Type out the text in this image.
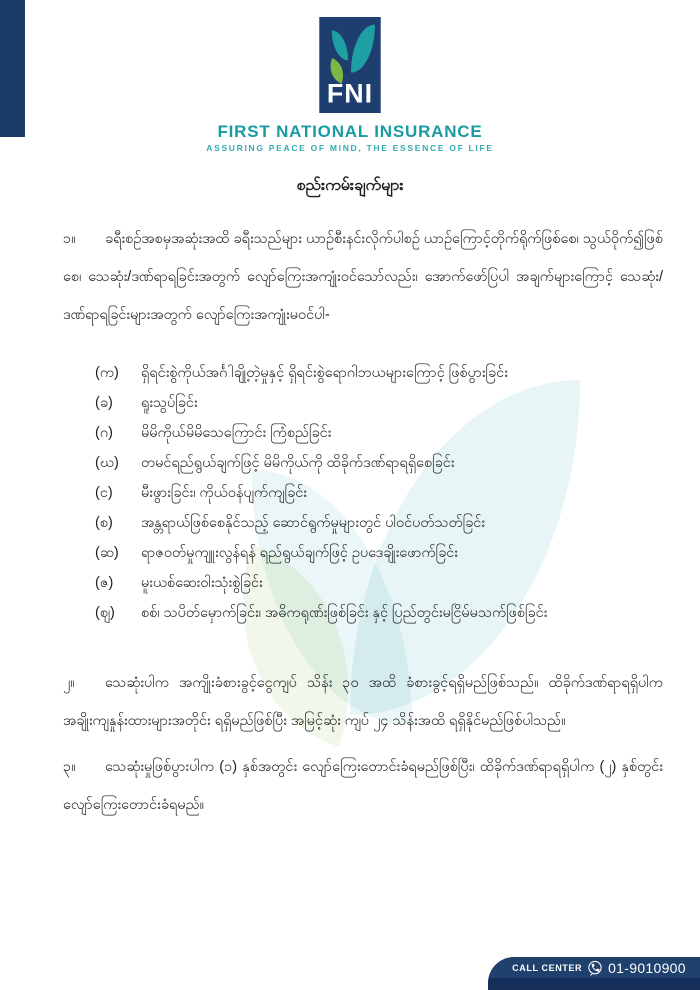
FNI
FIRST NATIONAL INSURANCE
ASSURING PEACE OF MIND, THE ESSENCE OF LIFE
စည်းကမ်းချက်များ

၁။ ခရီးစဉ်အစမှအဆုံးအထိ ခရီးသည်များ ယာဉ်စီးနင်းလိုက်ပါစဉ် ယာဉ်ကြောင့်တိုက်ရိုက်ဖြစ်စေ၊ သွယ်ဝိုက်၍ဖြစ်စေ၊ သေဆုံး/ဒဏ်ရာရခြင်းအတွက် လျော်ကြေးအကျုံးဝင်သော်လည်း၊ အောက်ဖော်ပြပါ အချက်များကြောင့် သေဆုံး/ဒဏ်ရာရခြင်းများအတွက် လျော်ကြေးအကျုံးမဝင်ပါ-

(က)	ရှိရင်းစွဲကိုယ်အင်္ဂါချို့တဲ့မှုနှင့် ရှိရင်းစွဲရောဂါဘယများကြောင့် ဖြစ်ပွားခြင်း
(ခ)	ရူးသွပ်ခြင်း
(ဂ)	မိမိကိုယ်မိမိသေကြောင်း ကြံစည်ခြင်း
(ဃ)	တမင်ရည်ရွယ်ချက်ဖြင့် မိမိကိုယ်ကို ထိခိုက်ဒဏ်ရာရရှိစေခြင်း
(င)	မီးဖွားခြင်း၊ ကိုယ်ဝန်ပျက်ကျခြင်း
(စ)	အန္တရာယ်ဖြစ်စေနိုင်သည့် ဆောင်ရွက်မှုများတွင် ပါဝင်ပတ်သတ်ခြင်း
(ဆ)	ရာဇဝတ်မှုကျူးလွန်ရန် ရည်ရွယ်ချက်ဖြင့် ဥပဒေချိုးဖောက်ခြင်း
(ဇ)	မူးယစ်ဆေးဝါးသုံးစွဲခြင်း
(ဈ)	စစ်၊ သပိတ်မှောက်ခြင်း၊ အဓိကရုဏ်းဖြစ်ခြင်း နှင့် ပြည်တွင်းမငြိမ်မသက်ဖြစ်ခြင်း

၂။ သေဆုံးပါက အကျိုးခံစားခွင့်ငွေကျပ် သိန်း ၃၀ အထိ ခံစားခွင့်ရရှိမည်ဖြစ်သည်။ ထိခိုက်ဒဏ်ရာရရှိပါက အချိုးကျနှုန်းထားများအတိုင်း ရရှိမည်ဖြစ်ပြီး အမြင့်ဆုံး ကျပ် ၂၄ သိန်းအထိ ရရှိနိုင်မည်ဖြစ်ပါသည်။

၃။ သေဆုံးမှုဖြစ်ပွားပါက (၁) နှစ်အတွင်း လျော်ကြေးတောင်းခံရမည်ဖြစ်ပြီး၊ ထိခိုက်ဒဏ်ရာရရှိပါက (၂) နှစ်တွင်း လျော်ကြေးတောင်းခံရမည်။

CALL CENTER 01-9010900
